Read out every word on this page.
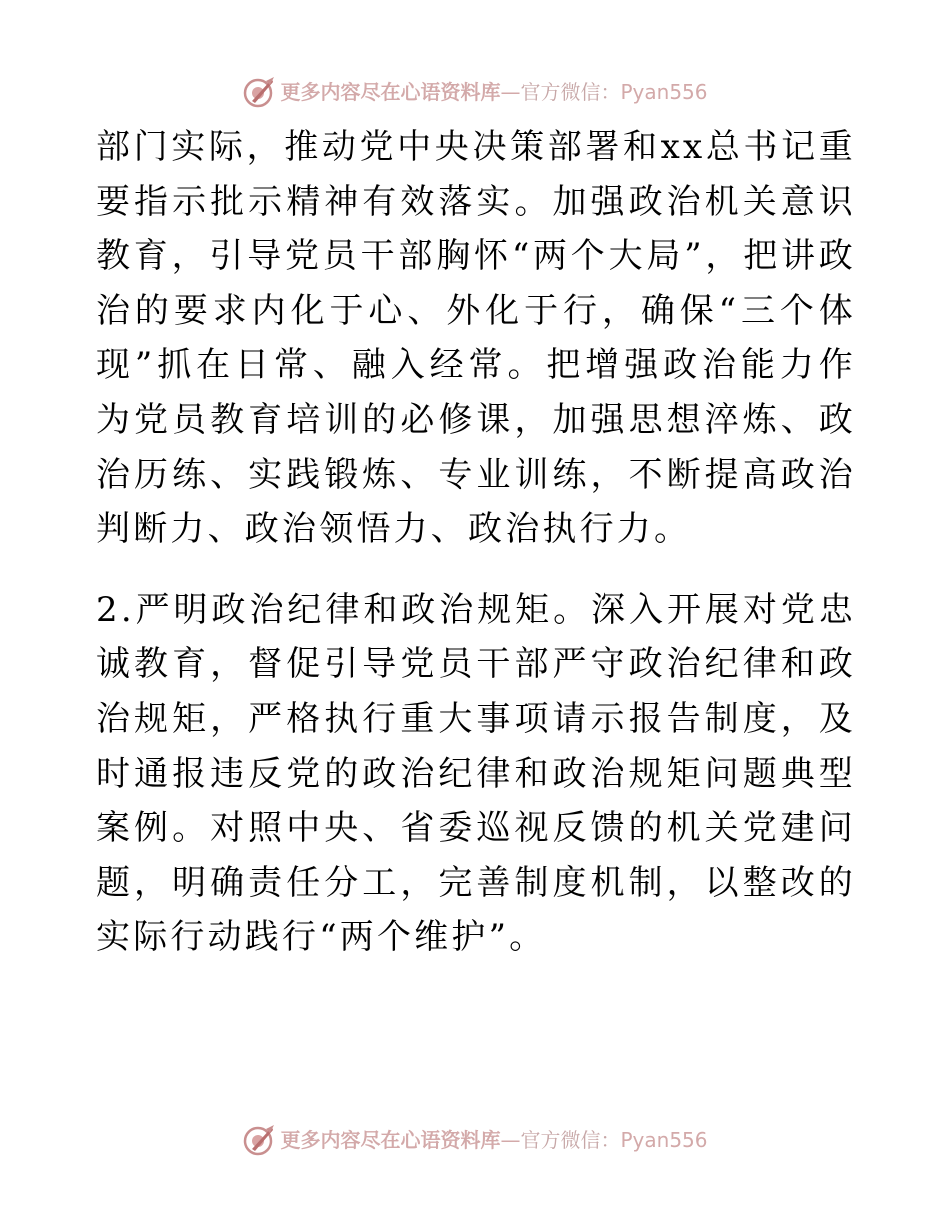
更多内容尽在心语资料库—官方微信：Pyan556

部门实际，推动党中央决策部署和xx总书记重要指示批示精神有效落实。加强政治机关意识教育，引导党员干部胸怀“两个大局”，把讲政治的要求内化于心、外化于行，确保“三个体现”抓在日常、融入经常。把增强政治能力作为党员教育培训的必修课，加强思想淬炼、政治历练、实践锻炼、专业训练，不断提高政治判断力、政治领悟力、政治执行力。

2.严明政治纪律和政治规矩。深入开展对党忠诚教育，督促引导党员干部严守政治纪律和政治规矩，严格执行重大事项请示报告制度，及时通报违反党的政治纪律和政治规矩问题典型案例。对照中央、省委巡视反馈的机关党建问题，明确责任分工，完善制度机制，以整改的实际行动践行“两个维护”。

更多内容尽在心语资料库—官方微信：Pyan556
